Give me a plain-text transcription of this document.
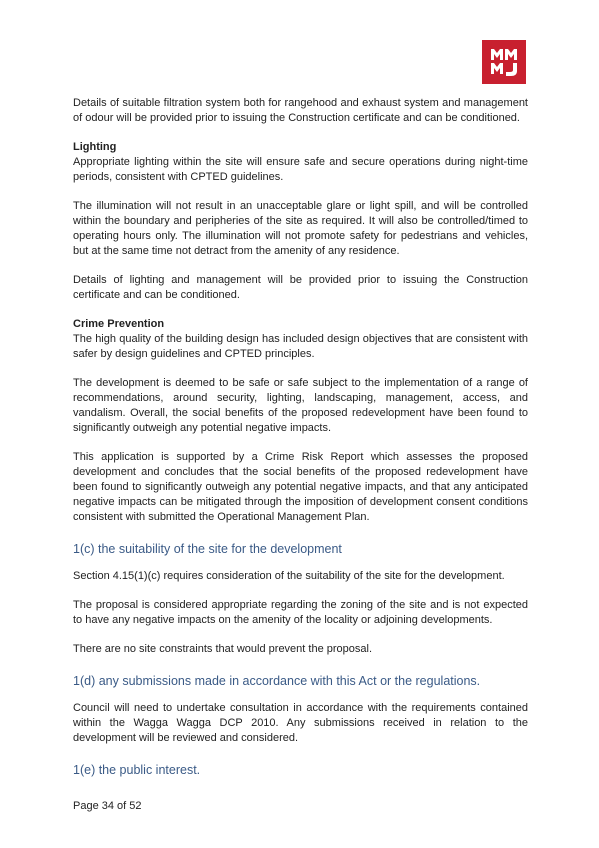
Details of suitable filtration system both for rangehood and exhaust system and management of odour will be provided prior to issuing the Construction certificate and can be conditioned.

Lighting

Appropriate lighting within the site will ensure safe and secure operations during night-time periods, consistent with CPTED guidelines.

The illumination will not result in an unacceptable glare or light spill, and will be controlled within the boundary and peripheries of the site as required. It will also be controlled/timed to operating hours only. The illumination will not promote safety for pedestrians and vehicles, but at the same time not detract from the amenity of any residence.

Details of lighting and management will be provided prior to issuing the Construction certificate and can be conditioned.

Crime Prevention

The high quality of the building design has included design objectives that are consistent with safer by design guidelines and CPTED principles.

The development is deemed to be safe or safe subject to the implementation of a range of recommendations, around security, lighting, landscaping, management, access, and vandalism. Overall, the social benefits of the proposed redevelopment have been found to significantly outweigh any potential negative impacts.

This application is supported by a Crime Risk Report which assesses the proposed development and concludes that the social benefits of the proposed redevelopment have been found to significantly outweigh any potential negative impacts, and that any anticipated negative impacts can be mitigated through the imposition of development consent conditions consistent with submitted the Operational Management Plan.

1(c) the suitability of the site for the development

Section 4.15(1)(c) requires consideration of the suitability of the site for the development.

The proposal is considered appropriate regarding the zoning of the site and is not expected to have any negative impacts on the amenity of the locality or adjoining developments.

There are no site constraints that would prevent the proposal.

1(d) any submissions made in accordance with this Act or the regulations.

Council will need to undertake consultation in accordance with the requirements contained within the Wagga Wagga DCP 2010. Any submissions received in relation to the development will be reviewed and considered.

1(e) the public interest.
Page 34 of 52
